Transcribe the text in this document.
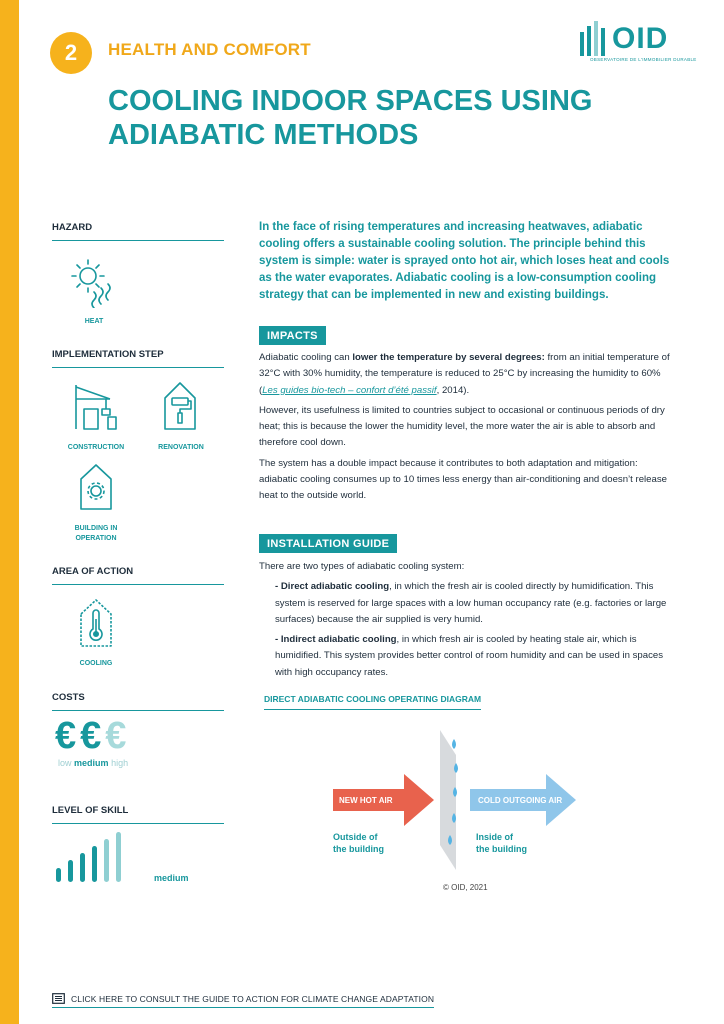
2	HEALTH AND COMFORT	OID
OBSERVATOIRE DE L'IMMOBILIER DURABLE
COOLING INDOOR SPACES USING
ADIABATIC METHODS
HAZARD
HEAT
IMPLEMENTATION STEP
CONSTRUCTION	RENOVATION
BUILDING IN OPERATION
AREA OF ACTION
COOLING
COSTS
€ € €
low medium high
LEVEL OF SKILL
medium

In the face of rising temperatures and increasing heatwaves, adiabatic cooling offers a sustainable cooling solution. The principle behind this system is simple: water is sprayed onto hot air, which loses heat and cools as the water evaporates. Adiabatic cooling is a low-consumption cooling strategy that can be implemented in new and existing buildings.

IMPACTS

Adiabatic cooling can lower the temperature by several degrees: from an initial temperature of 32°C with 30% humidity, the temperature is reduced to 25°C by increasing the humidity to 60% (Les guides bio-tech – confort d’été passif, 2014).

However, its usefulness is limited to countries subject to occasional or continuous periods of dry heat; this is because the lower the humidity level, the more water the air is able to absorb and therefore cool down.

The system has a double impact because it contributes to both adaptation and mitigation: adiabatic cooling consumes up to 10 times less energy than air-conditioning and doesn’t release heat to the outside world.

INSTALLATION GUIDE

There are two types of adiabatic cooling system:

- Direct adiabatic cooling, in which the fresh air is cooled directly by humidification. This system is reserved for large spaces with a low human occupancy rate (e.g. factories or large surfaces) because the air supplied is very humid.

- Indirect adiabatic cooling, in which fresh air is cooled by heating stale air, which is humidified. This system provides better control of room humidity and can be used in spaces with high occupancy rates.

DIRECT ADIABATIC COOLING OPERATING DIAGRAM
NEW HOT AIR	COLD OUTGOING AIR
Outside of
the building
Inside of
the building
© OID, 2021
CLICK HERE TO CONSULT THE GUIDE TO ACTION FOR CLIMATE CHANGE ADAPTATION
